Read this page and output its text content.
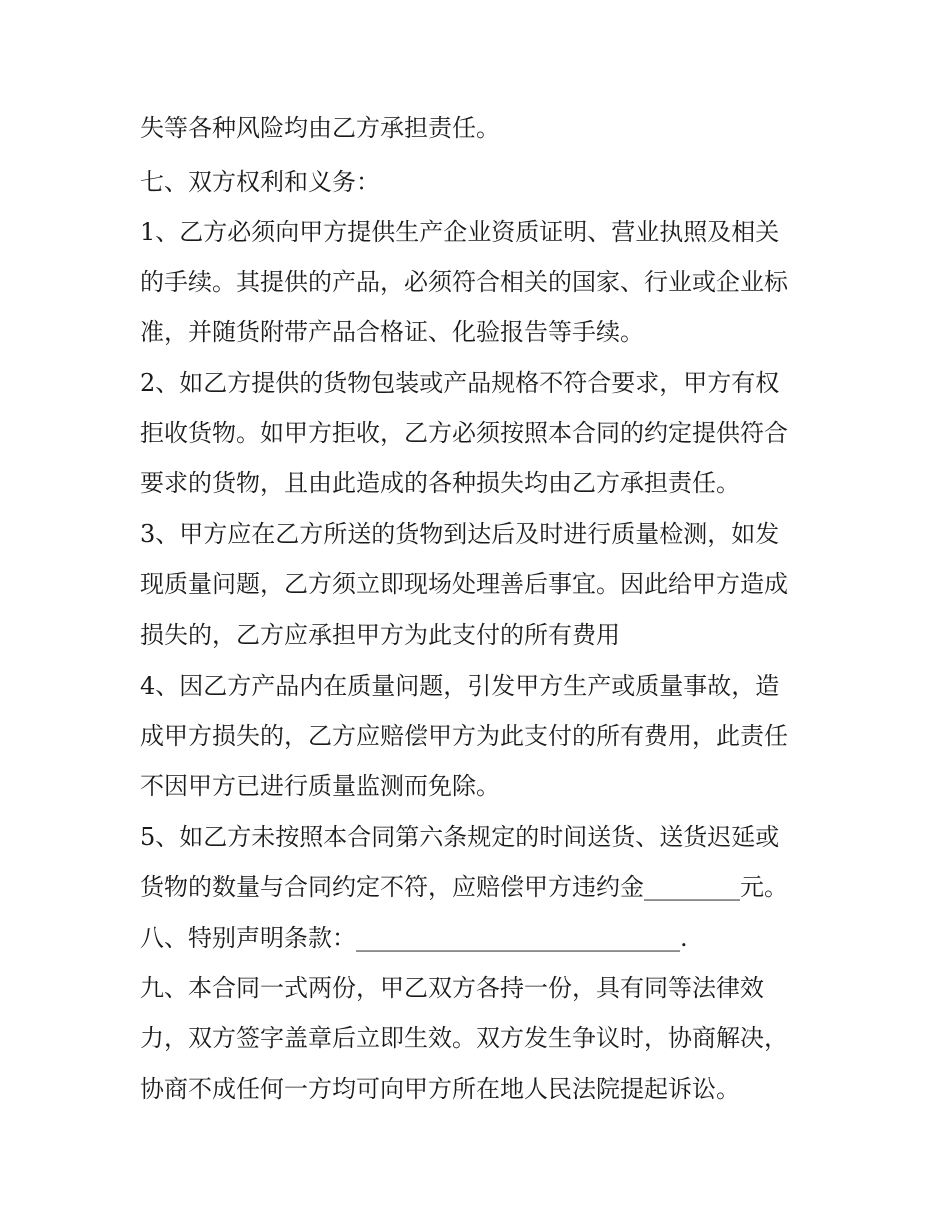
失等各种风险均由乙方承担责任。
七、双方权利和义务：
1、乙方必须向甲方提供生产企业资质证明、营业执照及相关
的手续。其提供的产品，必须符合相关的国家、行业或企业标
准，并随货附带产品合格证、化验报告等手续。
2、如乙方提供的货物包装或产品规格不符合要求，甲方有权
拒收货物。如甲方拒收，乙方必须按照本合同的约定提供符合
要求的货物，且由此造成的各种损失均由乙方承担责任。
3、甲方应在乙方所送的货物到达后及时进行质量检测，如发
现质量问题，乙方须立即现场处理善后事宜。因此给甲方造成
损失的，乙方应承担甲方为此支付的所有费用
4、因乙方产品内在质量问题，引发甲方生产或质量事故，造
成甲方损失的，乙方应赔偿甲方为此支付的所有费用，此责任
不因甲方已进行质量监测而免除。
5、如乙方未按照本合同第六条规定的时间送货、送货迟延或
货物的数量与合同约定不符，应赔偿甲方违约金________元。
八、特别声明条款：___________________________.
九、本合同一式两份，甲乙双方各持一份，具有同等法律效
力，双方签字盖章后立即生效。双方发生争议时，协商解决，
协商不成任何一方均可向甲方所在地人民法院提起诉讼。
